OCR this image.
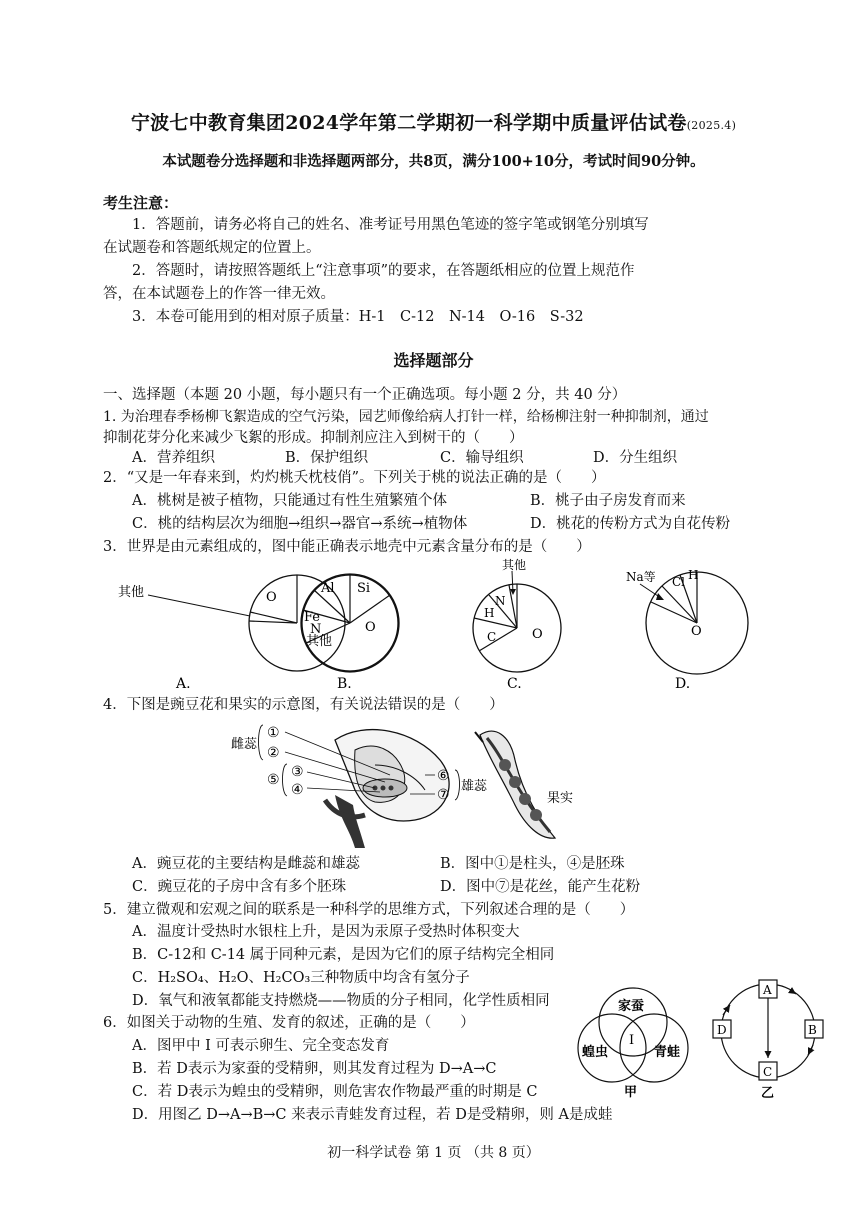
宁波七中教育集团2024学年第二学期初一科学期中质量评估试卷(2025.4)
本试题卷分选择题和非选择题两部分，共8页，满分100+10分，考试时间90分钟。
考生注意：
1．答题前，请务必将自己的姓名、准考证号用黑色笔迹的签字笔或钢笔分别填写
在试题卷和答题纸规定的位置上。
2．答题时，请按照答题纸上“注意事项”的要求，在答题纸相应的位置上规范作
答，在本试题卷上的作答一律无效。
3．本卷可能用到的相对原子质量：H-1　C-12　N-14　O-16　S-32
选择题部分
一、选择题（本题 20 小题，每小题只有一个正确选项。每小题 2 分，共 40 分）
1. 为治理春季杨柳飞絮造成的空气污染，园艺师像给病人打针一样，给杨柳注射一种抑制剂，通过
抑制花芽分化来减少飞絮的形成。抑制剂应注入到树干的（　　）
A．营养组织	B．保护组织	C．输导组织	D．分生组织
2．“又是一年春来到，灼灼桃夭枕枝俏”。下列关于桃的说法正确的是（　　）
A．桃树是被子植物，只能通过有性生殖繁殖个体	B．桃子由子房发育而来
C．桃的结构层次为细胞→组织→器官→系统→植物体	D．桃花的传粉方式为自花传粉
3．世界是由元素组成的，图中能正确表示地壳中元素含量分布的是（　　）
其他	O
N
A.
Al Si
Fe
其他
O
B.
其他
N
H
C	O
C.
Na等 Cl H
O
D.
4．下图是豌豆花和果实的示意图，有关说法错误的是（　　）
①
②
③
④
⑤	⑥
⑦
雌蕊
雄蕊
果实
A．豌豆花的主要结构是雌蕊和雄蕊	B．图中①是柱头，④是胚珠
C．豌豆花的子房中含有多个胚珠	D．图中⑦是花丝，能产生花粉
5．建立微观和宏观之间的联系是一种科学的思维方式，下列叙述合理的是（　　）
A．温度计受热时水银柱上升，是因为汞原子受热时体积变大
B．C-12和 C-14 属于同种元素，是因为它们的原子结构完全相同
C．H₂SO₄、H₂O、H₂CO₃三种物质中均含有氢分子
D．氧气和液氧都能支持燃烧——物质的分子相同，化学性质相同
6．如图关于动物的生殖、发育的叙述，正确的是（　　）
A．图甲中 I 可表示卵生、完全变态发育
B．若 D表示为家蚕的受精卵，则其发育过程为 D→A→C
C．若 D表示为蝗虫的受精卵，则危害农作物最严重的时期是 C
D．用图乙 D→A→B→C 来表示青蛙发育过程，若 D是受精卵，则 A是成蛙
家蚕
蝗虫	青蛙
I
甲
A
B
C
D
乙
初一科学试卷 第 1 页 （共 8 页）
